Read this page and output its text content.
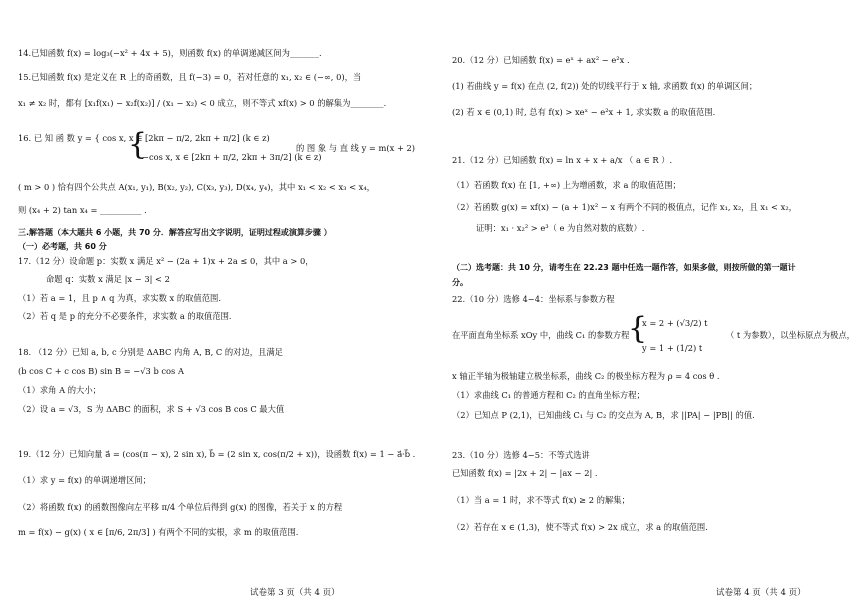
14.已知函数 f(x) = log₃(−x² + 4x + 5)，则函数 f(x) 的单调递减区间为_______.
15.已知函数 f(x) 是定义在 R 上的奇函数，且 f(−3) = 0，若对任意的 x₁, x₂ ∈ (−∞, 0)，当
x₁ ≠ x₂ 时，都有 [x₁f(x₁) − x₂f(x₂)] / (x₁ − x₂) < 0 成立，则不等式 xf(x) > 0 的解集为________.
{
16. 已 知 函 数 y = { cos x, x ∈ [2kπ − π/2, 2kπ + π/2] (k ∈ z)
−cos x, x ∈ [2kπ + π/2, 2kπ + 3π/2] (k ∈ z)
的 图 象 与 直 线 y = m(x + 2)
( m > 0 ) 恰有四个公共点 A(x₁, y₁), B(x₂, y₂), C(x₃, y₃), D(x₄, y₄)，其中 x₁ < x₂ < x₃ < x₄，
则 (x₄ + 2) tan x₄ = __________ .
三.解答题（本大题共 6 小题，共 70 分．解答应写出文字说明，证明过程或演算步骤 ）
（一）必考题，共 60 分
17.（12 分）设命题 p：实数 x 满足 x² − (2a + 1)x + 2a ≤ 0，其中 a > 0，
命题 q：实数 x 满足 |x − 3| < 2
（1）若 a = 1，且 p ∧ q 为真，求实数 x 的取值范围.
（2）若 q 是 p 的充分不必要条件，求实数 a 的取值范围.
18. （12 分）已知 a, b, c 分别是 ΔABC 内角 A, B, C 的对边，且满足
(b cos C + c cos B) sin B = −√3 b cos A
（1）求角 A 的大小；
（2）设 a = √3，S 为 ΔABC 的面积，求 S + √3 cos B cos C 最大值
19.（12 分）已知向量 a⃗ = (cos(π − x), 2 sin x), b⃗ = (2 sin x, cos(π/2 + x))，设函数 f(x) = 1 − a⃗·b⃗ .
（1）求 y = f(x) 的单调递增区间；
（2）将函数 f(x) 的函数图像向左平移 π/4 个单位后得到 g(x) 的图像，若关于 x 的方程
m = f(x) − g(x) ( x ∈ [π/6, 2π/3] ) 有两个不同的实根，求 m 的取值范围.
试卷第 3 页（共 4 页）
20.（12 分）已知函数 f(x) = eˣ + ax² − e²x .
(1) 若曲线 y = f(x) 在点 (2, f(2)) 处的切线平行于 x 轴, 求函数 f(x) 的单调区间；
(2) 若 x ∈ (0,1) 时, 总有 f(x) > xeˣ − e²x + 1, 求实数 a 的取值范围.
21.（12 分）已知函数 f(x) = ln x + x + a/x （ a ∈ R ）.
（1）若函数 f(x) 在 [1, +∞) 上为增函数，求 a 的取值范围；
（2）若函数 g(x) = xf(x) − (a + 1)x² − x 有两个不同的极值点，记作 x₁, x₂，且 x₁ < x₂，
证明：x₁ · x₂² > e³（ e 为自然对数的底数）.
（二）选考题：共 10 分，请考生在 22.23 题中任选一题作答，如果多做，则按所做的第一题计
分。
22.（10 分）选修 4−4：坐标系与参数方程
{
x = 2 + (√3/2) t
在平面直角坐标系 xOy 中，曲线 C₁ 的参数方程	（ t 为参数），以坐标原点为极点，
y = 1 + (1/2) t
x 轴正半轴为极轴建立极坐标系，曲线 C₂ 的极坐标方程为 ρ = 4 cos θ .
（1）求曲线 C₁ 的普通方程和 C₂ 的直角坐标方程；
（2）已知点 P (2,1)，已知曲线 C₁ 与 C₂ 的交点为 A, B，求 ||PA| − |PB|| 的值.
23.（10 分）选修 4−5：不等式选讲
已知函数 f(x) = |2x + 2| − |ax − 2| .
（1）当 a = 1 时，求不等式 f(x) ≥ 2 的解集；
（2）若存在 x ∈ (1,3)，使不等式 f(x) > 2x 成立，求 a 的取值范围.
试卷第 4 页（共 4 页）
